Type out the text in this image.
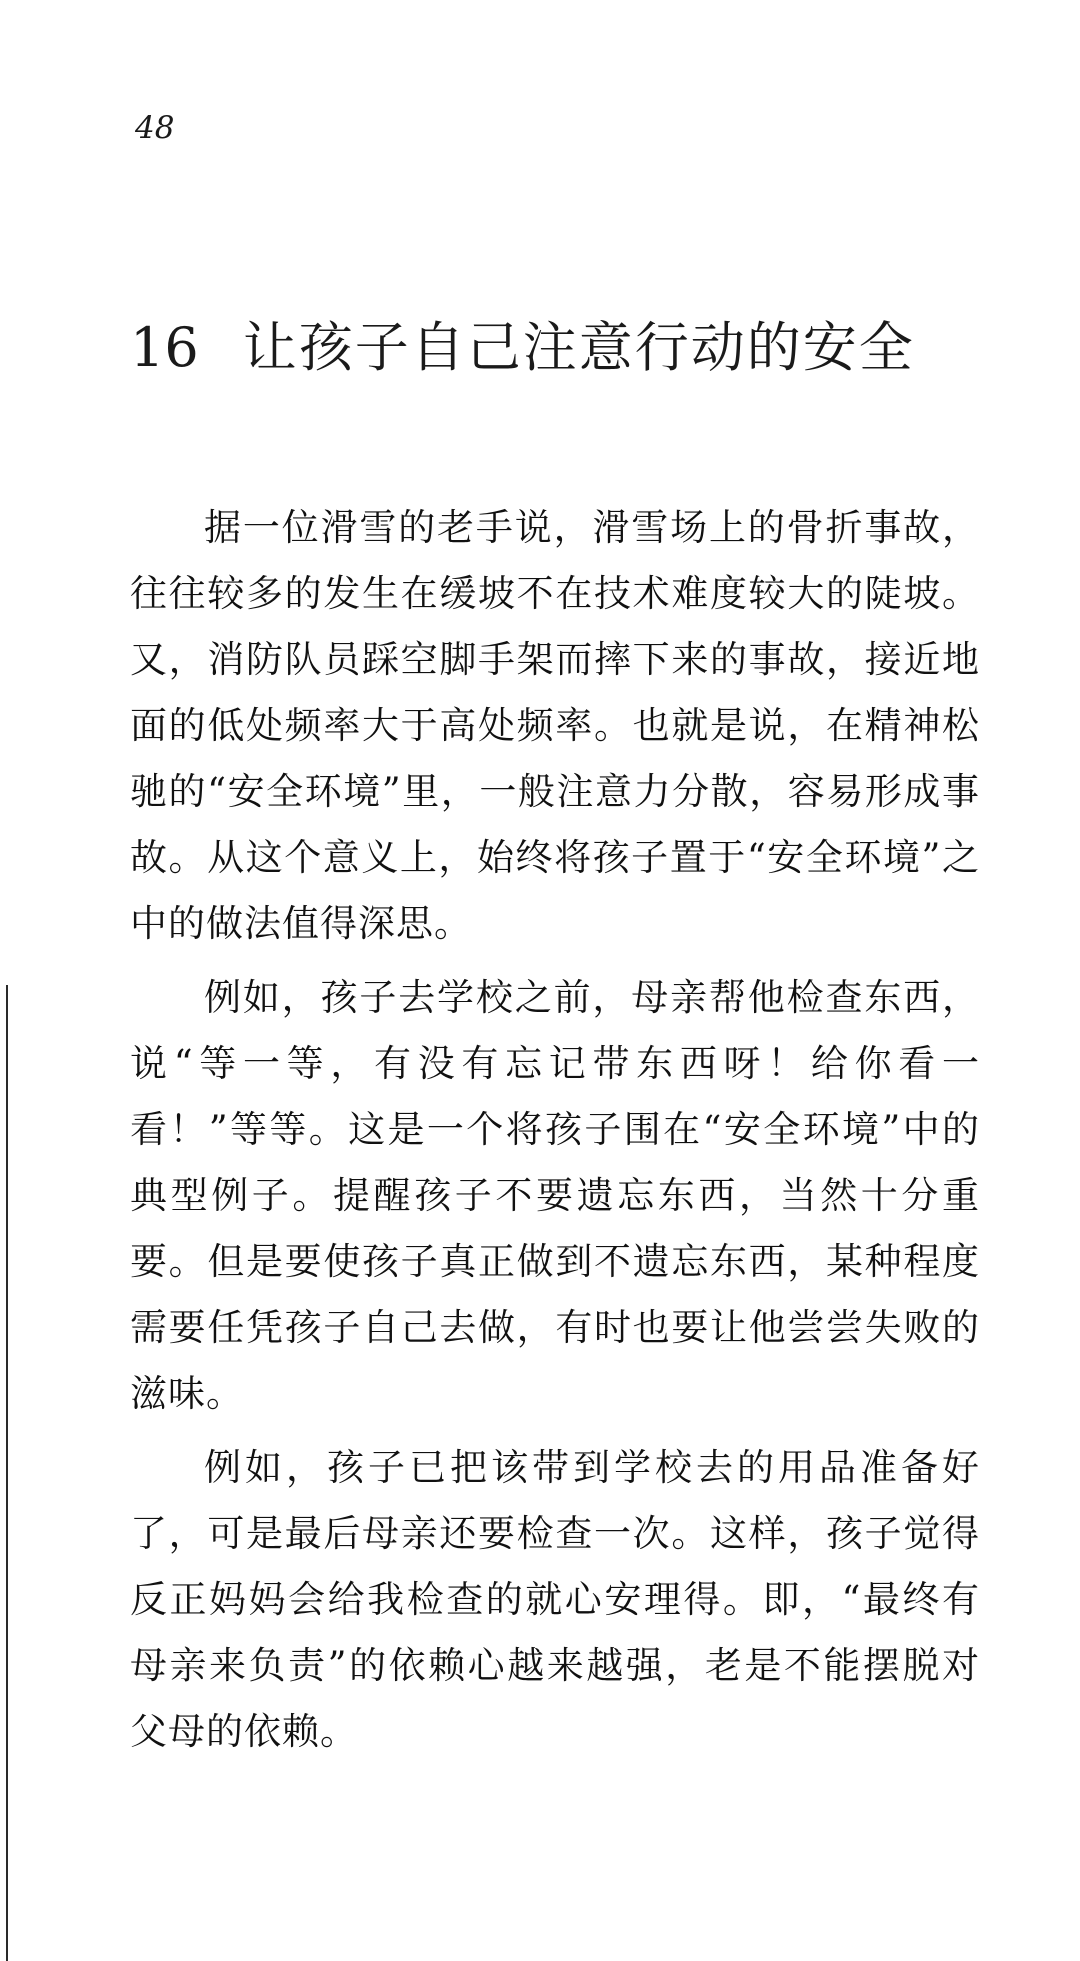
48
16 让孩子自己注意行动的安全

据一位滑雪的老手说，滑雪场上的骨折事故，往往较多的发生在缓坡不在技术难度较大的陡坡。又，消防队员踩空脚手架而摔下来的事故，接近地面的低处频率大于高处频率。也就是说，在精神松驰的“安全环境”里，一般注意力分散，容易形成事故。从这个意义上，始终将孩子置于“安全环境”之中的做法值得深思。

例如，孩子去学校之前，母亲帮他检查东西，说“等一等，有没有忘记带东西呀！给你看一看！”等等。这是一个将孩子围在“安全环境”中的典型例子。提醒孩子不要遗忘东西，当然十分重要。但是要使孩子真正做到不遗忘东西，某种程度需要任凭孩子自己去做，有时也要让他尝尝失败的滋味。

例如，孩子已把该带到学校去的用品准备好了，可是最后母亲还要检查一次。这样，孩子觉得反正妈妈会给我检查的就心安理得。即，“最终有母亲来负责”的依赖心越来越强，老是不能摆脱对父母的依赖。
